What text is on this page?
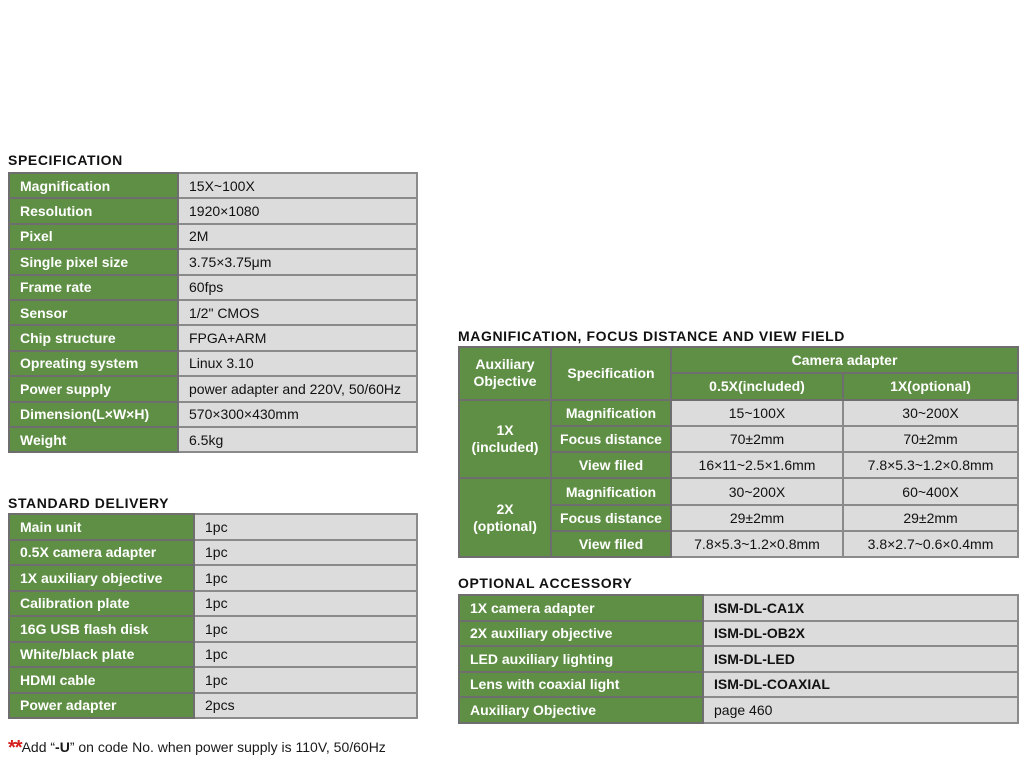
SPECIFICATION
Magnification	15X~100X
Resolution	1920×1080
Pixel	2M
Single pixel size	3.75×3.75μm
Frame rate	60fps
Sensor	1/2" CMOS
Chip structure	FPGA+ARM
Opreating system	Linux 3.10
Power supply	power adapter and 220V, 50/60Hz
Dimension(L×W×H)	570×300×430mm
Weight	6.5kg
STANDARD DELIVERY
Main unit	1pc
0.5X camera adapter	1pc
1X auxiliary objective	1pc
Calibration plate	1pc
16G USB flash disk	1pc
White/black plate	1pc
HDMI cable	1pc
Power adapter	2pcs
MAGNIFICATION, FOCUS DISTANCE AND VIEW FIELD
Auxiliary
Objective	Specification	Camera adapter	
		0.5X(included)	1X(optional)
1X
(included)	Magnification	15~100X	30~200X
	Focus distance	70±2mm	70±2mm
	View filed	16×11~2.5×1.6mm	7.8×5.3~1.2×0.8mm
2X
(optional)	Magnification	30~200X	60~400X
	Focus distance	29±2mm	29±2mm
	View filed	7.8×5.3~1.2×0.8mm	3.8×2.7~0.6×0.4mm
OPTIONAL ACCESSORY
1X camera adapter	ISM-DL-CA1X
2X auxiliary objective	ISM-DL-OB2X
LED auxiliary lighting	ISM-DL-LED
Lens with coaxial light	ISM-DL-COAXIAL
Auxiliary Objective	page 460
**Add “-U” on code No. when power supply is 110V, 50/60Hz
